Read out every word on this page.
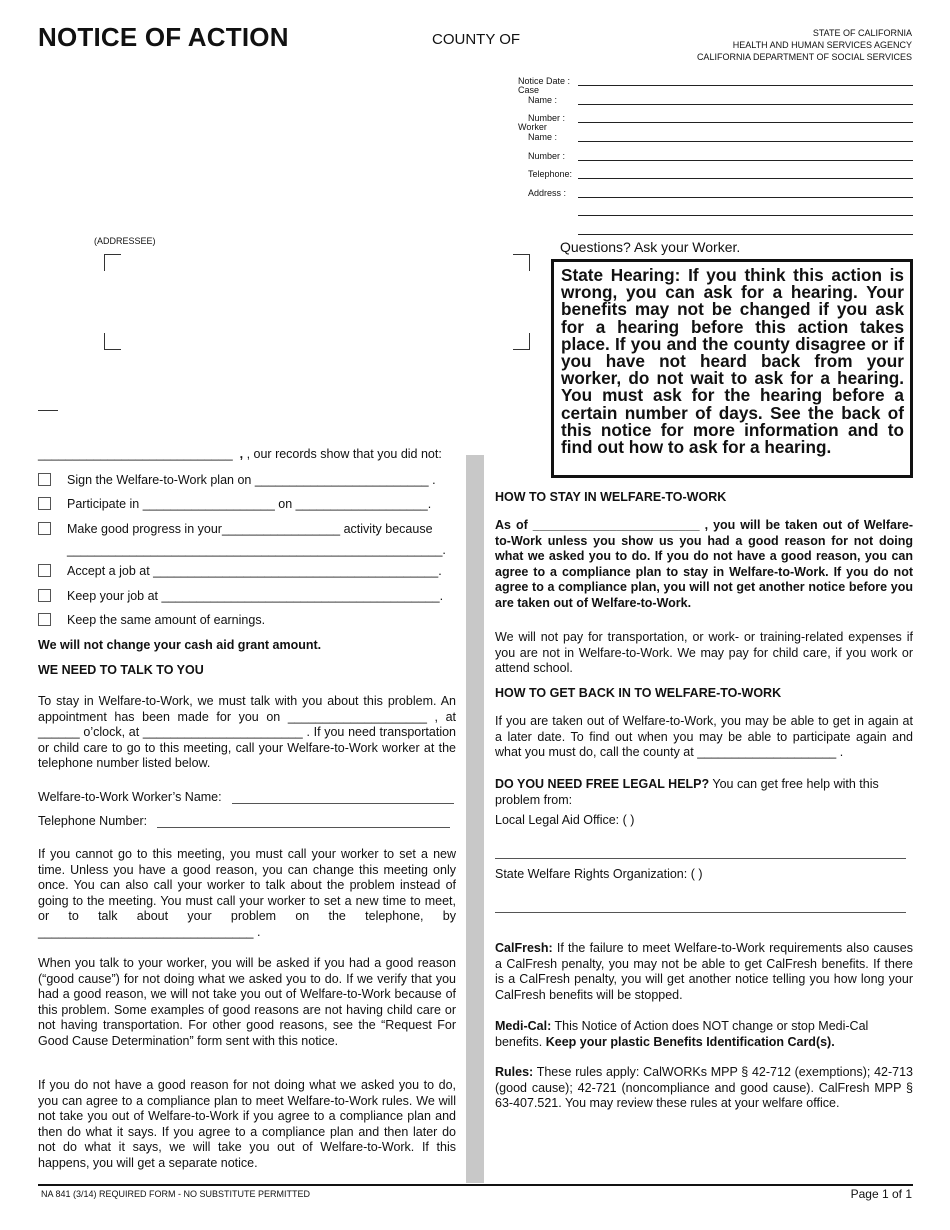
NOTICE OF ACTION	COUNTY OF	STATE OF CALIFORNIA
HEALTH AND HUMAN SERVICES AGENCY
CALIFORNIA DEPARTMENT OF SOCIAL SERVICES
Notice Date :
Case
Name :
Number :
Worker
Name :
Number :
Telephone:
Address :
(ADDRESSEE)
____________________________  , , our records show that you did not:
Sign the Welfare-to-Work plan on _________________________ .
Participate in ___________________ on ___________________.
Make good progress in your_________________ activity because
______________________________________________________.
Accept a job at _________________________________________.
Keep your job at ________________________________________.
Keep the same amount of earnings.
We will not change your cash aid grant amount.
WE NEED TO TALK TO YOU
To stay in Welfare-to-Work, we must talk with you about this problem. An appointment has been made for you on ____________________ , at ______ o’clock, at _______________________ . If you need transportation or child care to go to this meeting, call your Welfare-to-Work worker at the telephone number listed below.
Welfare-to-Work Worker’s Name:
Telephone Number:
If you cannot go to this meeting, you must call your worker to set a new time. Unless you have a good reason, you can change this meeting only once. You can also call your worker to talk about the problem instead of going to the meeting. You must call your worker to set a new time to meet, or to talk about your problem on the telephone, by _______________________________ .
When you talk to your worker, you will be asked if you had a good reason (“good cause”) for not doing what we asked you to do. If we verify that you had a good reason, we will not take you out of Welfare-to-Work because of this problem. Some examples of good reasons are not having child care or not having transportation. For other good reasons, see the “Request For Good Cause Determination” form sent with this notice.
If you do not have a good reason for not doing what we asked you to do, you can agree to a compliance plan to meet Welfare-to-Work rules. We will not take you out of Welfare-to-Work if you agree to a compliance plan and then do what it says. If you agree to a compliance plan and then later do not do what it says, we will take you out of Welfare-to-Work. If this happens, you will get a separate notice.
Questions? Ask your Worker.
State Hearing: If you think this action is wrong, you can ask for a hearing. Your benefits may not be changed if you ask for a hearing before this action takes place. If you and the county disagree or if you have not heard back from your worker, do not wait to ask for a hearing. You must ask for the hearing before a certain number of days. See the back of this notice for more information and to find out how to ask for a hearing.
HOW TO STAY IN WELFARE-TO-WORK
As of ________________________ , you will be taken out of Welfare-to-Work unless you show us you had a good reason for not doing what we asked you to do. If you do not have a good reason, you can agree to a compliance plan to stay in Welfare-to-Work. If you do not agree to a compliance plan, you will not get another notice before you are taken out of Welfare-to-Work.
We will not pay for transportation, or work- or training-related expenses if you are not in Welfare-to-Work. We may pay for child care, if you work or attend school.
HOW TO GET BACK IN TO WELFARE-TO-WORK
If you are taken out of Welfare-to-Work, you may be able to get in again at a later date. To find out when you may be able to participate again and what you must do, call the county at ____________________ .
DO YOU NEED FREE LEGAL HELP? You can get free help with this problem from:
Local Legal Aid Office: ( )
State Welfare Rights Organization: ( )
CalFresh: If the failure to meet Welfare-to-Work requirements also causes a CalFresh penalty, you may not be able to get CalFresh benefits. If there is a CalFresh penalty, you will get another notice telling you how long your CalFresh benefits will be stopped.
Medi-Cal: This Notice of Action does NOT change or stop Medi-Cal benefits. Keep your plastic Benefits Identification Card(s).
Rules: These rules apply: CalWORKs MPP § 42-712 (exemptions); 42-713 (good cause); 42-721 (noncompliance and good cause). CalFresh MPP § 63-407.521. You may review these rules at your welfare office.
NA 841 (3/14) REQUIRED FORM - NO SUBSTITUTE PERMITTED	Page 1 of 1
